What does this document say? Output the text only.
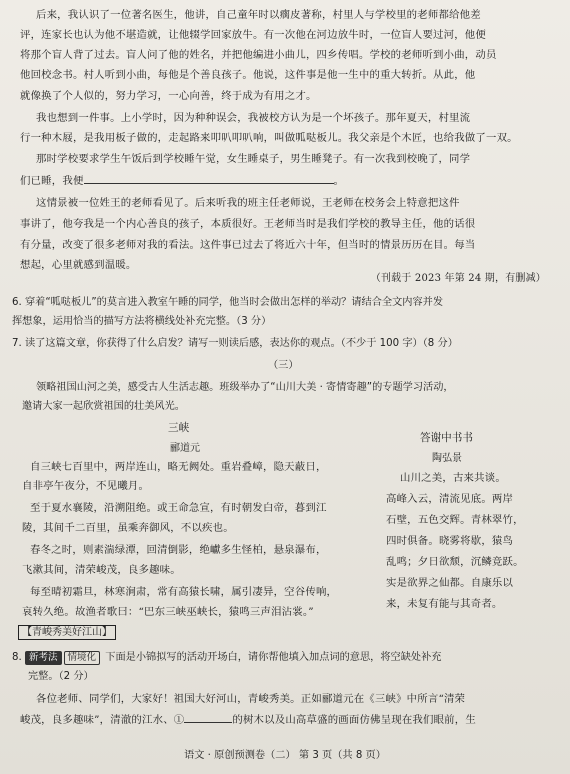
后来，我认识了一位著名医生，他讲，自己童年时以瘸皮著称，村里人与学校里的老师都给他差
评，连家长也认为他不堪造就，让他辍学回家放牛。有一次他在河边放牛时，一位盲人要过河，他便
将那个盲人背了过去。盲人问了他的姓名，并把他编进小曲儿，四乡传唱。学校的老师听到小曲，动员
他回校念书。村人听到小曲，每他是个善良孩子。他说，这件事是他一生中的重大转折。从此，他
就像换了个人似的，努力学习，一心向善，终于成为有用之才。
我也想到一件事。上小学时，因为种种误会，我被校方认为是一个坏孩子。那年夏天，村里流
行一种木屐，是我用板子做的，走起路来叩叭叩叭响，叫做呱哒板儿。我父亲是个木匠，也给我做了一双。
那时学校要求学生午饭后到学校睡午觉，女生睡桌子，男生睡凳子。有一次我到校晚了，同学
们已睡，我便	。
这情景被一位姓王的老师看见了。后来听我的班主任老师说，王老师在校务会上特意把这件
事讲了，他夸我是一个内心善良的孩子，本质很好。王老师当时是我们学校的教导主任，他的话很
有分量，改变了很多老师对我的看法。这件事已过去了将近六十年，但当时的情景历历在目。每当
想起，心里就感到温暖。
（刊载于 2023 年第 24 期，有删减）
6. 穿着“呱哒板儿”的莫言进入教室午睡的同学，他当时会做出怎样的举动？请结合全文内容并发
挥想象，运用恰当的描写方法将横线处补充完整。（3 分）
7. 读了这篇文章，你获得了什么启发？请写一则读后感，表达你的观点。（不少于 100 字）（8 分）
（三）
领略祖国山河之美，感受古人生活志趣。班级举办了“山川大美 · 寄情寄趣”的专题学习活动，
邀请大家一起欣赏祖国的壮美风光。
三峡
郦道元
自三峡七百里中，两岸连山，略无阙处。重岩叠嶂，隐天蔽日，
自非亭午夜分，不见曦月。
至于夏水襄陵，沿溯阻绝。或王命急宣，有时朝发白帝，暮到江
陵，其间千二百里，虽乘奔御风，不以疾也。
春冬之时，则素湍绿潭，回清倒影，绝巘多生怪柏，悬泉瀑布，
飞漱其间，清荣峻茂，良多趣味。
每至晴初霜旦，林寒涧肃，常有高猿长啸，属引凄异，空谷传响，
哀转久绝。故渔者歌曰：“巴东三峡巫峡长，猿鸣三声泪沾裳。”
答谢中书书
陶弘景
山川之美，古来共谈。
高峰入云，清流见底。两岸
石壁，五色交辉。青林翠竹，
四时俱备。晓雾将歇，猿鸟
乱鸣；夕日欲颓，沉鳞竞跃。
实是欲界之仙都。自康乐以
来，未复有能与其奇者。
【青峻秀美好江山】
8. 新考法 情境化 下面是小锦拟写的活动开场白，请你帮他填入加点词的意思，将空缺处补充
完整。（2 分）
各位老师、同学们，大家好！祖国大好河山，青峻秀美。正如郦道元在《三峡》中所言“清荣
峻茂，良多趣味”，清澈的江水、①	的树木以及山高草盛的画面仿佛呈现在我们眼前，生
语文 · 原创预测卷（二） 第 3 页（共 8 页）
